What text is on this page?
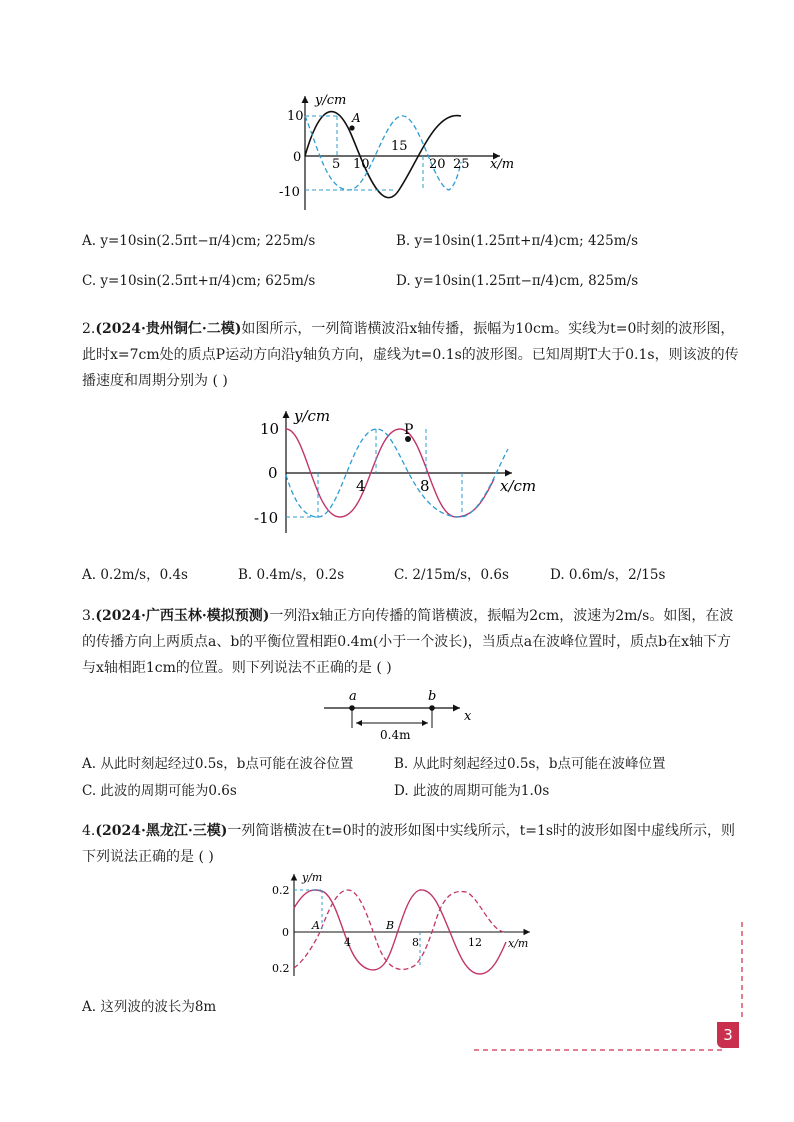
y/cm
x/m
10
0
-10
5 10
15
20 25
A
A. y=10sin(2.5πt−π/4)cm; 225m/s	B. y=10sin(1.25πt+π/4)cm; 425m/s
C. y=10sin(2.5πt+π/4)cm; 625m/s	D. y=10sin(1.25πt−π/4)cm, 825m/s
2.(2024·贵州铜仁·二模)如图所示，一列简谐横波沿x轴传播，振幅为10cm。实线为t=0时刻的波形图，此时x=7cm处的质点P运动方向沿y轴负方向，虚线为t=0.1s的波形图。已知周期T大于0.1s，则该波的传播速度和周期分别为 ( )
y/cm
x/cm
10
0
-10
4	8
P
A. 0.2m/s，0.4s	B. 0.4m/s，0.2s	C. 2/15m/s，0.6s	D. 0.6m/s，2/15s
3.(2024·广西玉林·模拟预测)一列沿x轴正方向传播的简谐横波，振幅为2cm，波速为2m/s。如图，在波的传播方向上两质点a、b的平衡位置相距0.4m(小于一个波长)，当质点a在波峰位置时，质点b在x轴下方与x轴相距1cm的位置。则下列说法不正确的是 ( )
a	b
x
0.4m
A. 从此时刻起经过0.5s，b点可能在波谷位置	B. 从此时刻起经过0.5s，b点可能在波峰位置
C. 此波的周期可能为0.6s	D. 此波的周期可能为1.0s
4.(2024·黑龙江·三模)一列简谐横波在t=0时的波形如图中实线所示，t=1s时的波形如图中虚线所示，则下列说法正确的是 ( )
y/m
x/m
0.2
0
0.2
4	8	12
A	B
A. 这列波的波长为8m
3
